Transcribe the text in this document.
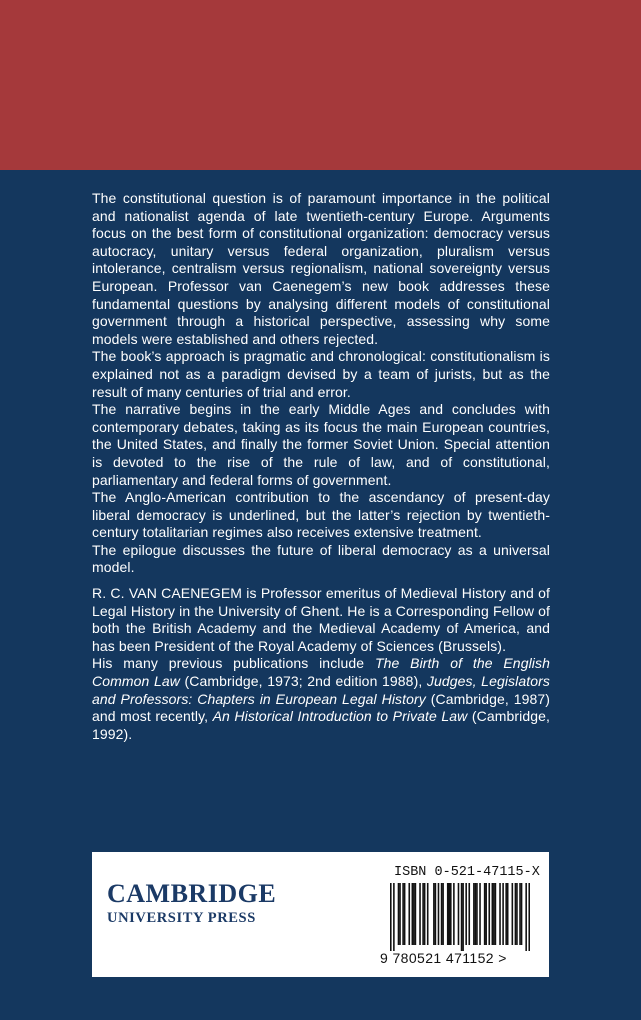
The constitutional question is of paramount importance in the political and nationalist agenda of late twentieth-century Europe. Arguments focus on the best form of constitutional organization: democracy versus autocracy, unitary versus federal organization, pluralism versus intolerance, centralism versus regionalism, national sovereignty versus European. Professor van Caenegem’s new book addresses these fundamental questions by analysing different models of constitutional government through a historical perspective, assessing why some models were established and others rejected.

The book’s approach is pragmatic and chronological: constitutionalism is explained not as a paradigm devised by a team of jurists, but as the result of many centuries of trial and error.

The narrative begins in the early Middle Ages and concludes with contemporary debates, taking as its focus the main European countries, the United States, and finally the former Soviet Union. Special attention is devoted to the rise of the rule of law, and of constitutional, parliamentary and federal forms of government.

The Anglo-American contribution to the ascendancy of present-day liberal democracy is underlined, but the latter’s rejection by twentieth-century totalitarian regimes also receives extensive treatment.

The epilogue discusses the future of liberal democracy as a universal model.

R. C. VAN CAENEGEM is Professor emeritus of Medieval History and of Legal History in the University of Ghent. He is a Corresponding Fellow of both the British Academy and the Medieval Academy of America, and has been President of the Royal Academy of Sciences (Brussels).

His many previous publications include The Birth of the English Common Law (Cambridge, 1973; 2nd edition 1988), Judges, Legislators and Professors: Chapters in European Legal History (Cambridge, 1987) and most recently, An Historical Introduction to Private Law (Cambridge, 1992).

CAMBRIDGE
UNIVERSITY PRESS
ISBN 0-521-47115-X
9 780521 471152 >
